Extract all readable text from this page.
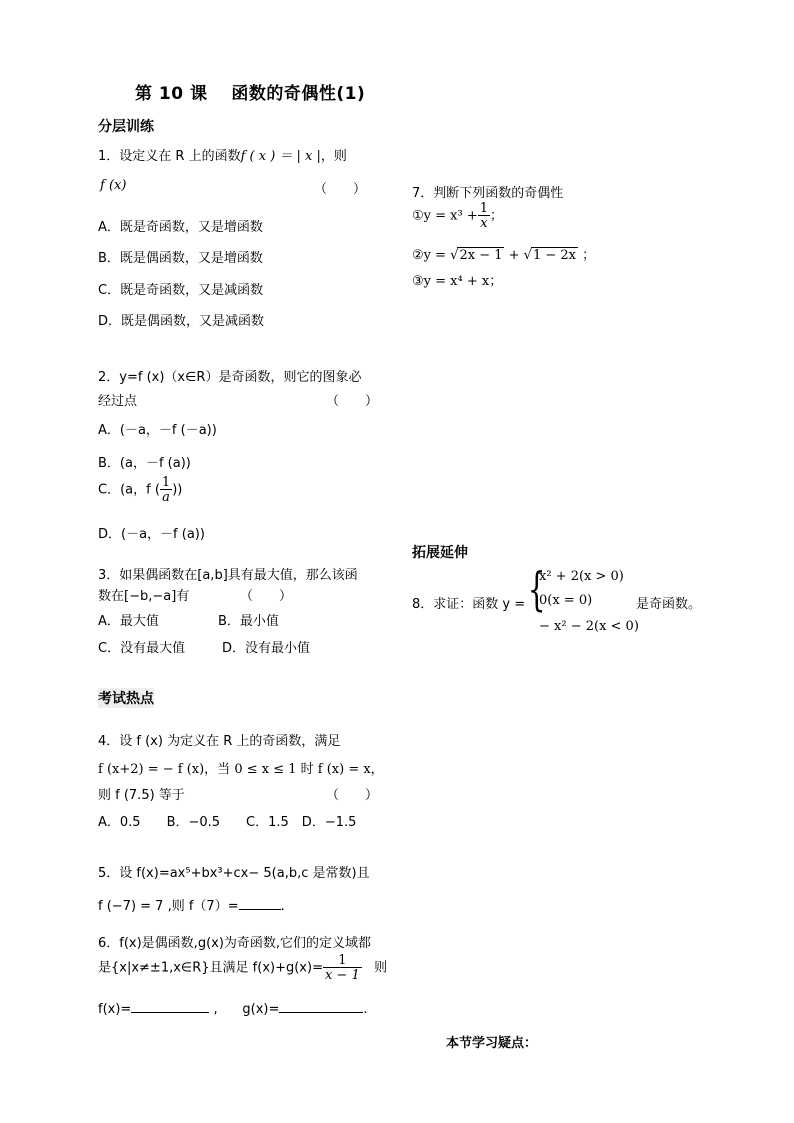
第 10 课　 函数的奇偶性(1)
分层训练
1．设定义在 R 上的函数f ( x ) ＝ | x |，则
f (x)	（　　）
A．既是奇函数，又是增函数
B．既是偶函数，又是增函数
C．既是奇函数，又是减函数
D．既是偶函数，又是减函数
2．y=f (x)（x∈R）是奇函数，则它的图象必
经过点	（　　）
A．(－a，－f (－a))
B．(a，－f (a))
C．(a，f ( $\frac{1}{a}$ ))
D．(－a，－f (a))
3．如果偶函数在[a,b]具有最大值，那么该函
数在[−b,−a]有	（　　）
A．最大值	B．最小值
C．没有最大值	D．没有最小值
考试热点
4．设 f (x) 为定义在 R 上的奇函数，满足
f (x+2) = − f (x)，当 0 ≤ x ≤ 1 时 f (x) = x，
则 f (7.5) 等于	（　　）
A．0.5　　B．−0.5　　C．1.5　D．−1.5
5．设 f(x)=ax⁵+bx³+cx− 5(a,b,c 是常数)且
f (−7) = 7 ,则 f（7）=	.
6．f(x)是偶函数,g(x)为奇函数,它们的定义域都
是{x|x≠±1,x∈R}且满足 $f(x)+g(x)= \frac{1}{x - 1}$ 则
f(x)=	,      g(x)=	.
7．判断下列函数的奇偶性
①y = $x^3 + \frac{1}{x}$ ；
②y = √2x − 1 + √1 − 2x ；
③y = x⁴ + x；
拓展延伸
8．求证：函数 y = {
x² + 2(x > 0)
0(x = 0)
− x² − 2(x < 0)
是奇函数。
本节学习疑点：
